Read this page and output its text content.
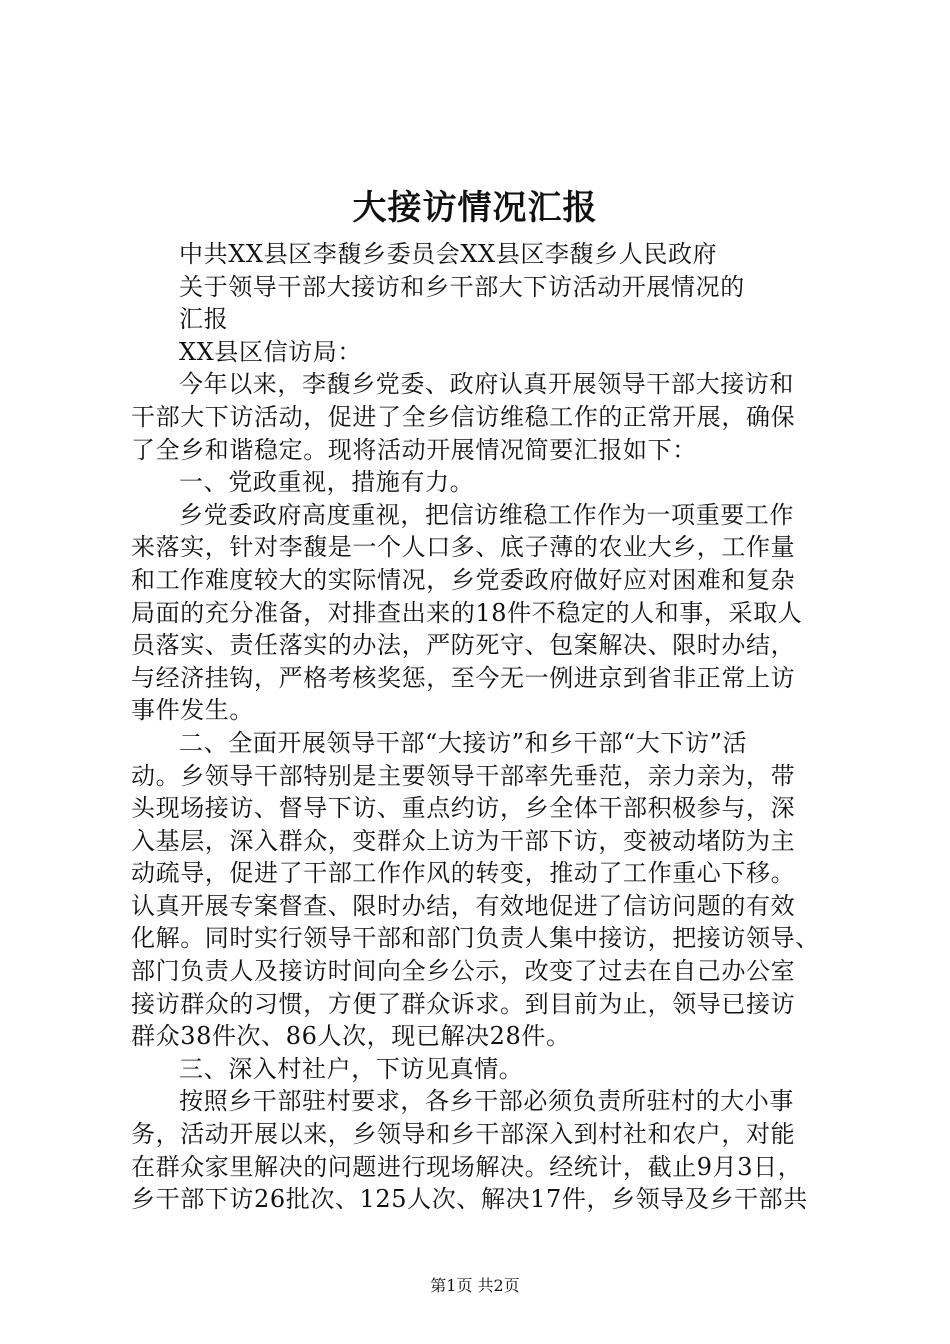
大接访情况汇报
中共XX县区李馥乡委员会XX县区李馥乡人民政府
关于领导干部大接访和乡干部大下访活动开展情况的
汇报
XX县区信访局：
今年以来，李馥乡党委、政府认真开展领导干部大接访和
干部大下访活动，促进了全乡信访维稳工作的正常开展，确保
了全乡和谐稳定。现将活动开展情况简要汇报如下：
一、党政重视，措施有力。
乡党委政府高度重视，把信访维稳工作作为一项重要工作
来落实，针对李馥是一个人口多、底子薄的农业大乡，工作量
和工作难度较大的实际情况，乡党委政府做好应对困难和复杂
局面的充分准备，对排查出来的18件不稳定的人和事，采取人
员落实、责任落实的办法，严防死守、包案解决、限时办结，
与经济挂钩，严格考核奖惩，至今无一例进京到省非正常上访
事件发生。
二、全面开展领导干部“大接访”和乡干部“大下访”活
动。乡领导干部特别是主要领导干部率先垂范，亲力亲为，带
头现场接访、督导下访、重点约访，乡全体干部积极参与，深
入基层，深入群众，变群众上访为干部下访，变被动堵防为主
动疏导，促进了干部工作作风的转变，推动了工作重心下移。
认真开展专案督查、限时办结，有效地促进了信访问题的有效
化解。同时实行领导干部和部门负责人集中接访，把接访领导、
部门负责人及接访时间向全乡公示，改变了过去在自己办公室
接访群众的习惯，方便了群众诉求。到目前为止，领导已接访
群众38件次、86人次，现已解决28件。
三、深入村社户，下访见真情。
按照乡干部驻村要求，各乡干部必须负责所驻村的大小事
务，活动开展以来，乡领导和乡干部深入到村社和农户，对能
在群众家里解决的问题进行现场解决。经统计，截止9月3日，
乡干部下访26批次、125人次、解决17件，乡领导及乡干部共
第1页 共2页
